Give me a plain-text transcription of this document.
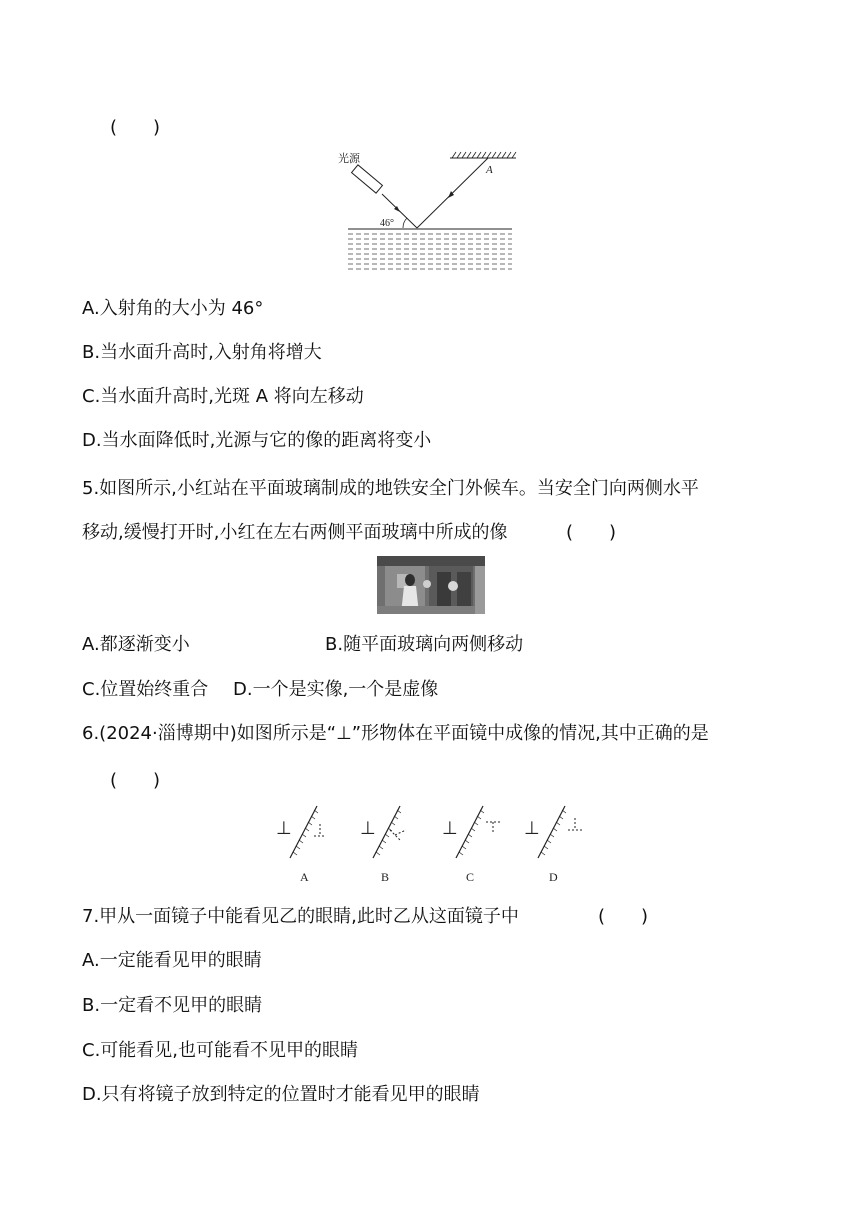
(　　)
光源
A
46°
A.入射角的大小为 46°
B.当水面升高时,入射角将增大
C.当水面升高时,光斑 A 将向左移动
D.当水面降低时,光源与它的像的距离将变小
5.如图所示,小红站在平面玻璃制成的地铁安全门外候车。当安全门向两侧水平
移动,缓慢打开时,小红在左右两侧平面玻璃中所成的像	(　　)
A.都逐渐变小	B.随平面玻璃向两侧移动
C.位置始终重合 D.一个是实像,一个是虚像
6.(2024·淄博期中)如图所示是“⊥”形物体在平面镜中成像的情况,其中正确的是
(　　)
⊥
A
⊥
B
⊥
C
⊥
D
7.甲从一面镜子中能看见乙的眼睛,此时乙从这面镜子中	(　　)
A.一定能看见甲的眼睛
B.一定看不见甲的眼睛
C.可能看见,也可能看不见甲的眼睛
D.只有将镜子放到特定的位置时才能看见甲的眼睛
